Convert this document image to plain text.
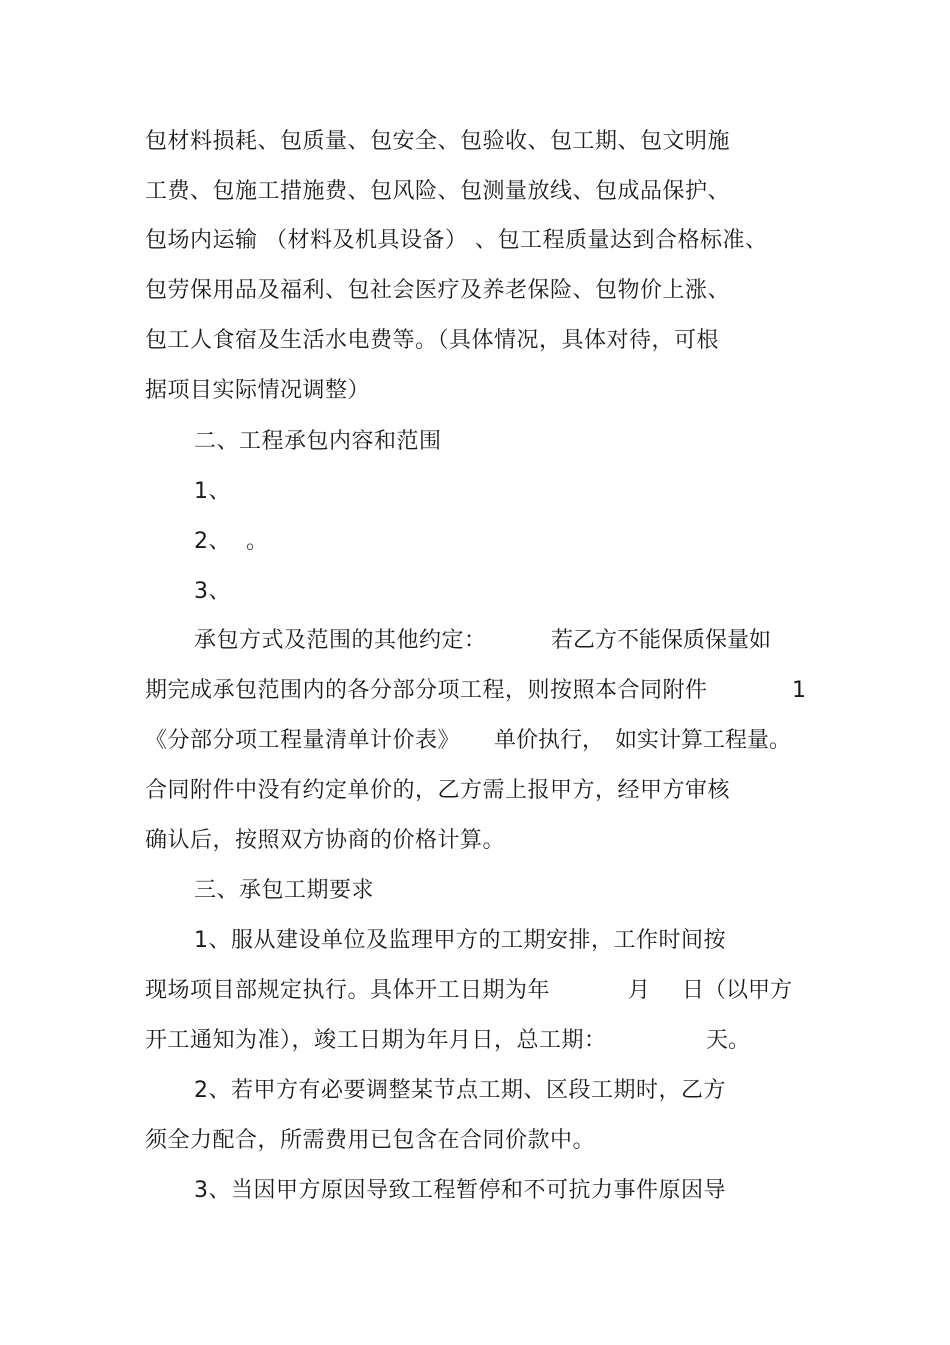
包材料损耗、包质量、包安全、包验收、包工期、包文明施
工费、包施工措施费、包风险、包测量放线、包成品保护、
包场内运输 （材料及机具设备） 、包工程质量达到合格标准、
包劳保用品及福利、包社会医疗及养老保险、包物价上涨、
包工人食宿及生活水电费等。（具体情况，具体对待，可根
据项目实际情况调整）
二、工程承包内容和范围
1、
2、  。
3、
承包方式及范围的其他约定：	若乙方不能保质保量如
期完成承包范围内的各分部分项工程，则按照本合同附件	1
《分部分项工程量清单计价表》 单价执行， 如实计算工程量。
合同附件中没有约定单价的，乙方需上报甲方，经甲方审核
确认后，按照双方协商的价格计算。
三、承包工期要求
1、服从建设单位及监理甲方的工期安排，工作时间按
现场项目部规定执行。具体开工日期为年	月 日（以甲方
开工通知为准），竣工日期为年月日，总工期：	天。
2、若甲方有必要调整某节点工期、区段工期时，乙方
须全力配合，所需费用已包含在合同价款中。
3、当因甲方原因导致工程暂停和不可抗力事件原因导
